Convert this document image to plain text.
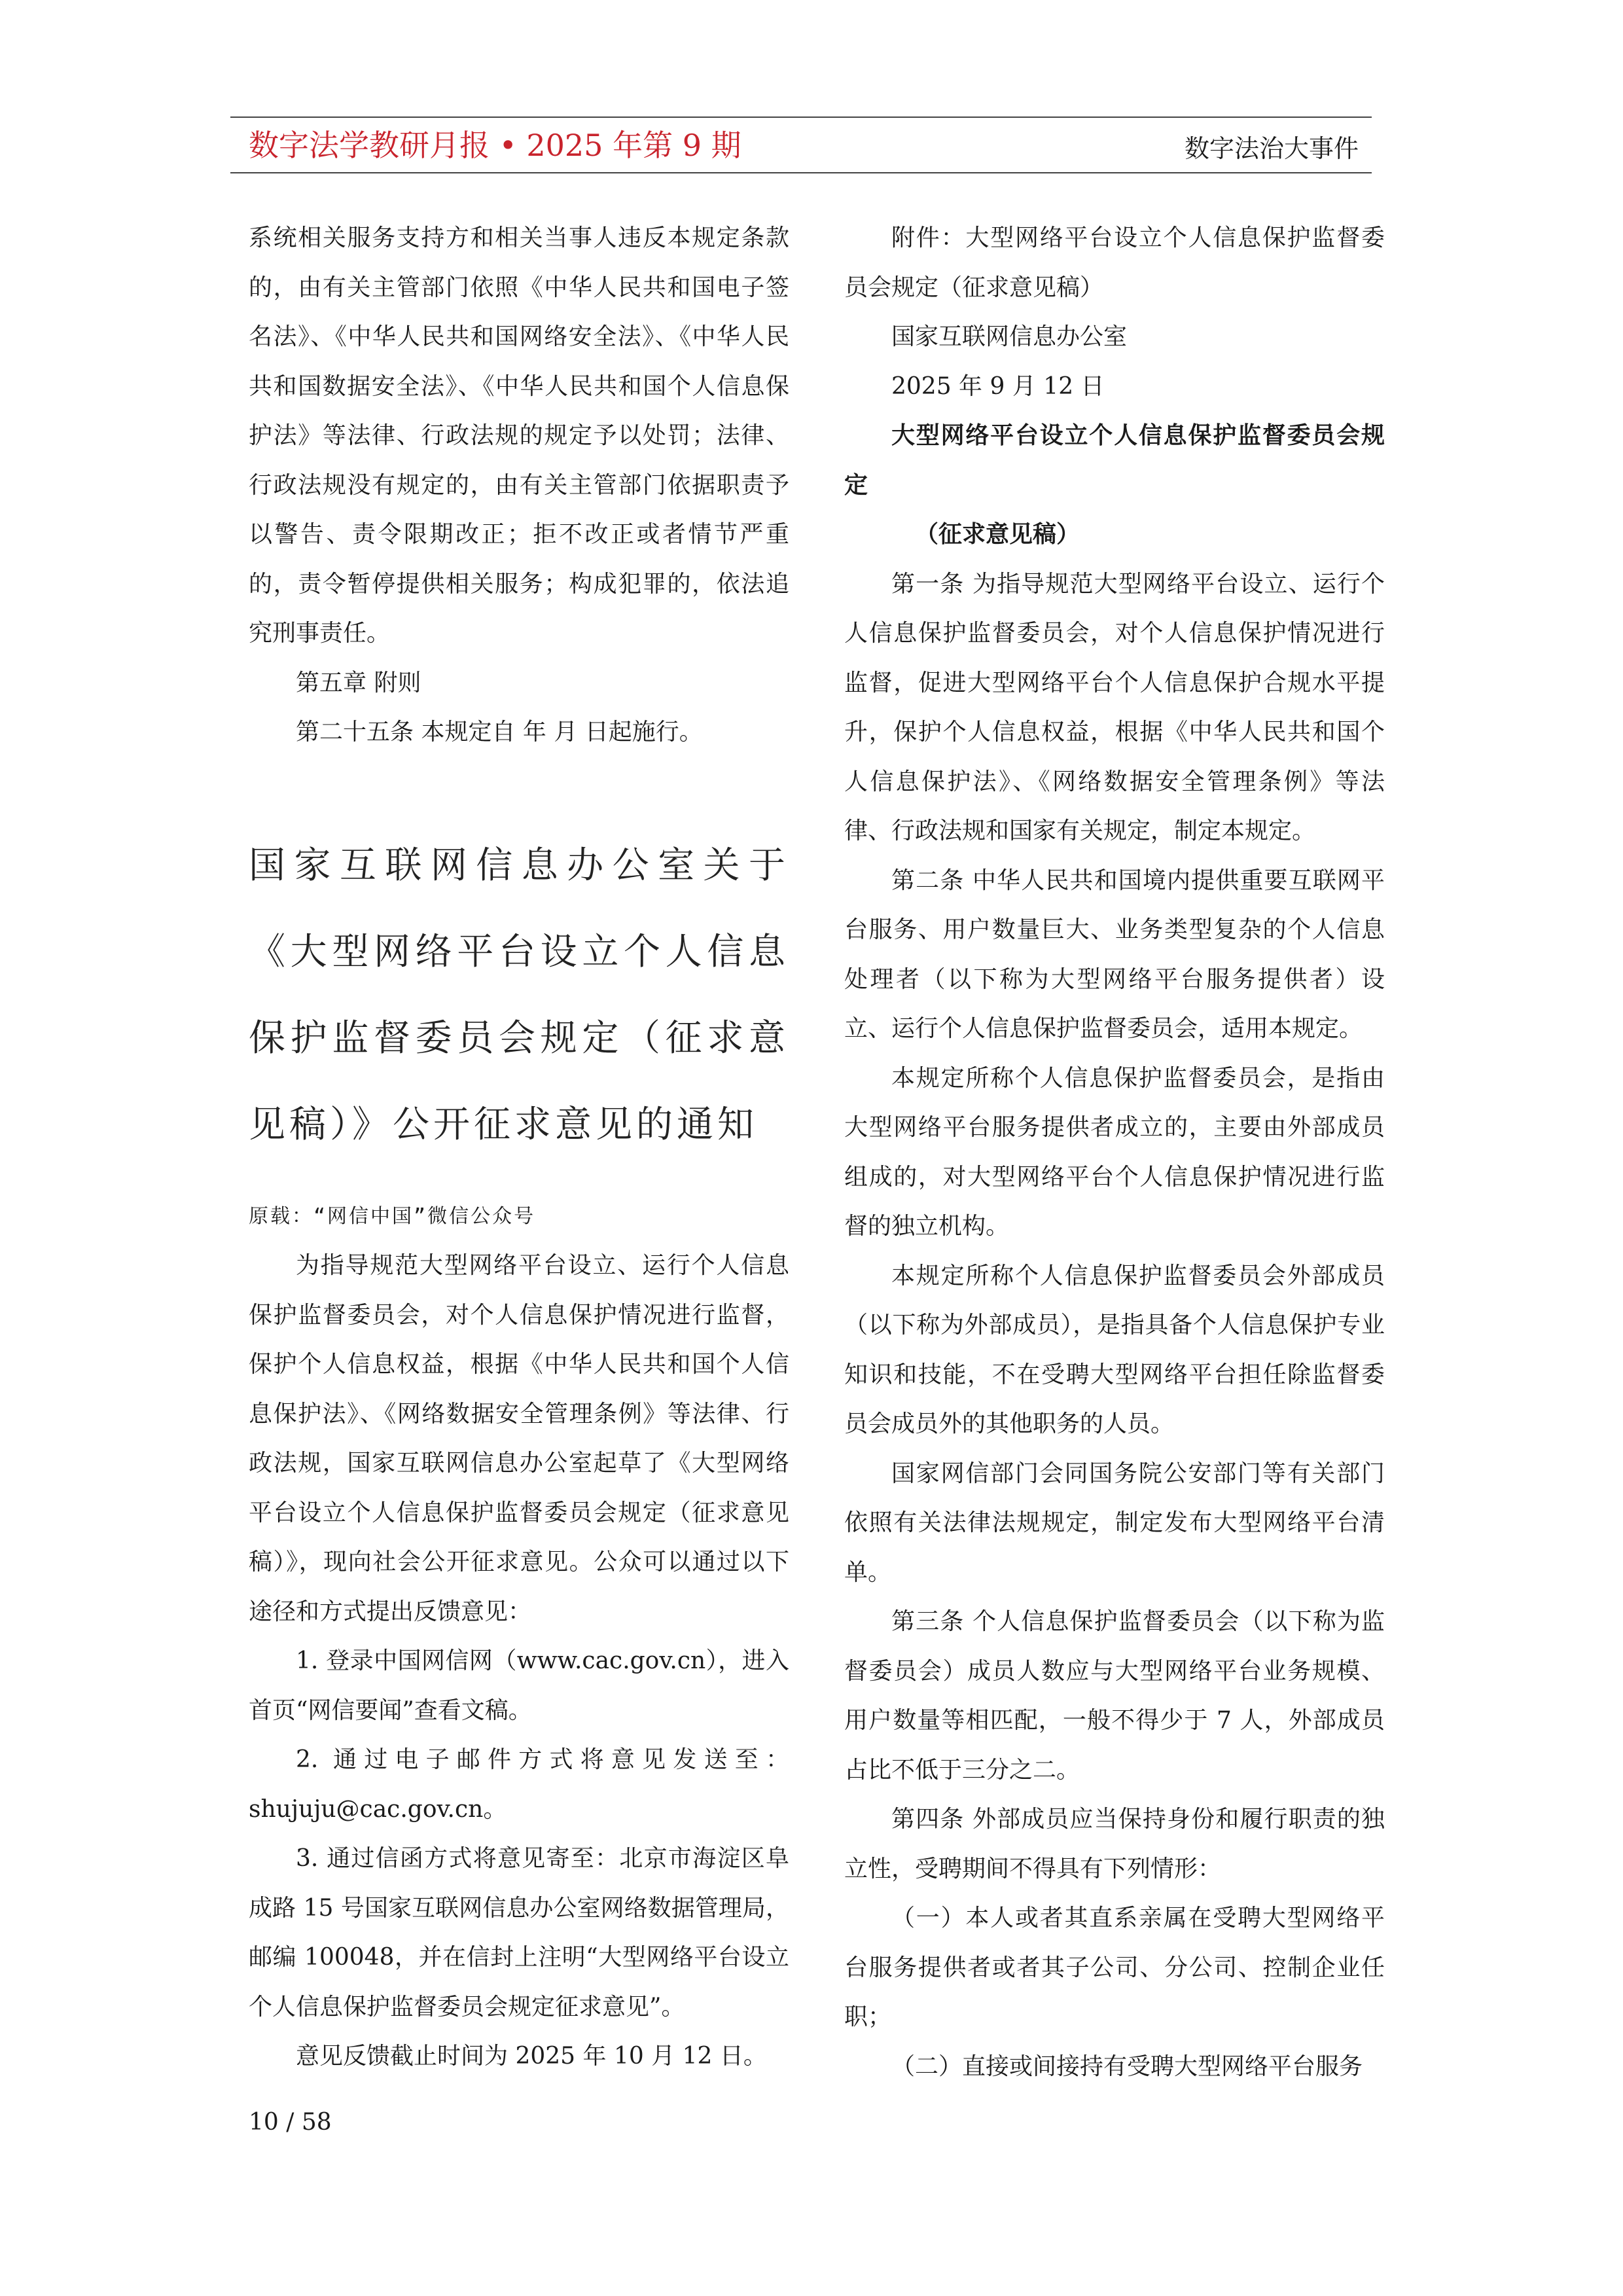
数字法学教研月报 • 2025 年第 9 期	数字法治大事件

系统相关服务支持方和相关当事人违反本规定条款的，由有关主管部门依照《中华人民共和国电子签名法》、《中华人民共和国网络安全法》、《中华人民共和国数据安全法》、《中华人民共和国个人信息保护法》等法律、行政法规的规定予以处罚；法律、行政法规没有规定的，由有关主管部门依据职责予以警告、责令限期改正；拒不改正或者情节严重的，责令暂停提供相关服务；构成犯罪的，依法追究刑事责任。

第五章 附则

第二十五条 本规定自 年 月 日起施行。

国家互联网信息办公室关于《大型网络平台设立个人信息保护监督委员会规定（征求意见稿）》公开征求意见的通知

原载：“网信中国”微信公众号

为指导规范大型网络平台设立、运行个人信息保护监督委员会，对个人信息保护情况进行监督，保护个人信息权益，根据《中华人民共和国个人信息保护法》、《网络数据安全管理条例》等法律、行政法规，国家互联网信息办公室起草了《大型网络平台设立个人信息保护监督委员会规定（征求意见稿）》，现向社会公开征求意见。公众可以通过以下途径和方式提出反馈意见：

1. 登录中国网信网（www.cac.gov.cn），进入首页“网信要闻”查看文稿。

2. 通过电子邮件方式将意见发送至：shujuju@cac.gov.cn。

3. 通过信函方式将意见寄至：北京市海淀区阜成路 15 号国家互联网信息办公室网络数据管理局，邮编 100048，并在信封上注明“大型网络平台设立个人信息保护监督委员会规定征求意见”。

意见反馈截止时间为 2025 年 10 月 12 日。

附件：大型网络平台设立个人信息保护监督委员会规定（征求意见稿）

国家互联网信息办公室

2025 年 9 月 12 日

大型网络平台设立个人信息保护监督委员会规定

（征求意见稿）

第一条 为指导规范大型网络平台设立、运行个人信息保护监督委员会，对个人信息保护情况进行监督，促进大型网络平台个人信息保护合规水平提升，保护个人信息权益，根据《中华人民共和国个人信息保护法》、《网络数据安全管理条例》等法律、行政法规和国家有关规定，制定本规定。

第二条 中华人民共和国境内提供重要互联网平台服务、用户数量巨大、业务类型复杂的个人信息处理者（以下称为大型网络平台服务提供者）设立、运行个人信息保护监督委员会，适用本规定。

本规定所称个人信息保护监督委员会，是指由大型网络平台服务提供者成立的，主要由外部成员组成的，对大型网络平台个人信息保护情况进行监督的独立机构。

本规定所称个人信息保护监督委员会外部成员（以下称为外部成员），是指具备个人信息保护专业知识和技能，不在受聘大型网络平台担任除监督委员会成员外的其他职务的人员。

国家网信部门会同国务院公安部门等有关部门依照有关法律法规规定，制定发布大型网络平台清单。

第三条 个人信息保护监督委员会（以下称为监督委员会）成员人数应与大型网络平台业务规模、用户数量等相匹配，一般不得少于 7 人，外部成员占比不低于三分之二。

第四条 外部成员应当保持身份和履行职责的独立性，受聘期间不得具有下列情形：

（一）本人或者其直系亲属在受聘大型网络平台服务提供者或者其子公司、分公司、控制企业任职；

（二）直接或间接持有受聘大型网络平台服务

10 / 58
